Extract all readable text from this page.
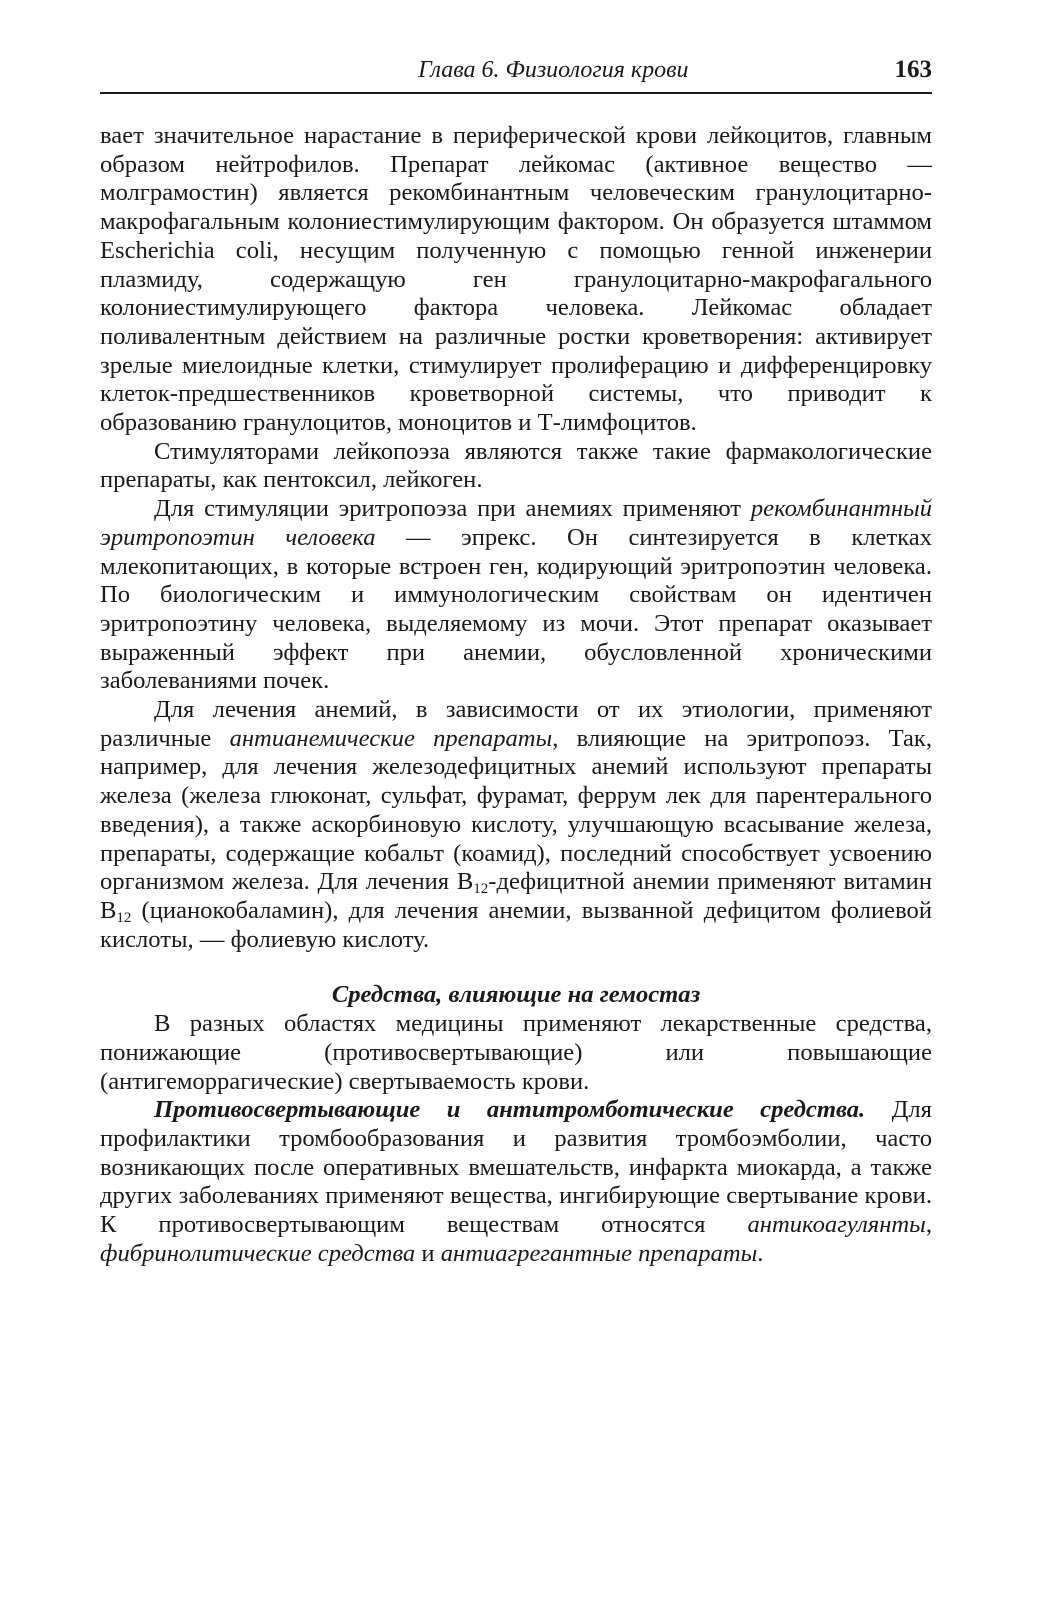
Глава 6. Физиология крови	163

вает значительное нарастание в периферической крови лейкоцитов, главным образом нейтрофилов. Препарат лейкомас (активное вещество — молграмостин) является рекомбинантным человеческим гранулоцитарно-макрофагальным колониестимулирующим фактором. Он образуется штаммом Escherichia coli, несущим полученную с помощью генной инженерии плазмиду, содержащую ген гранулоцитарно-макрофагального колониестимулирующего фактора человека. Лейкомас обладает поливалентным действием на различные ростки кроветворения: активирует зрелые миелоидные клетки, стимулирует пролиферацию и дифференцировку клеток-предшественников кроветворной системы, что приводит к образованию гранулоцитов, моноцитов и Т-лимфоцитов.

Стимуляторами лейкопоэза являются также такие фармакологические препараты, как пентоксил, лейкоген.

Для стимуляции эритропоэза при анемиях применяют рекомбинантный эритропоэтин человека — эпрекс. Он синтезируется в клетках млекопитающих, в которые встроен ген, кодирующий эритропоэтин человека. По биологическим и иммунологическим свойствам он идентичен эритропоэтину человека, выделяемому из мочи. Этот препарат оказывает выраженный эффект при анемии, обусловленной хроническими заболеваниями почек.

Для лечения анемий, в зависимости от их этиологии, применяют различные антианемические препараты, влияющие на эритропоэз. Так, например, для лечения железодефицитных анемий используют препараты железа (железа глюконат, сульфат, фурамат, феррум лек для парентерального введения), а также аскорбиновую кислоту, улучшающую всасывание железа, препараты, содержащие кобальт (коамид), последний способствует усвоению организмом железа. Для лечения $В_{12}$-дефицитной анемии применяют витамин $В_{12}$ (цианокобаламин), для лечения анемии, вызванной дефицитом фолиевой кислоты, — фолиевую кислоту.

Средства, влияющие на гемостаз

В разных областях медицины применяют лекарственные средства, понижающие (противосвертывающие) или повышающие (антигеморрагические) свертываемость крови.

Противосвертывающие и антитромботические средства. Для профилактики тромбообразования и развития тромбоэмболии, часто возникающих после оперативных вмешательств, инфаркта миокарда, а также других заболеваниях применяют вещества, ингибирующие свертывание крови. К противосвертывающим веществам относятся антикоагулянты, фибринолитические средства и антиагрегантные препараты.
